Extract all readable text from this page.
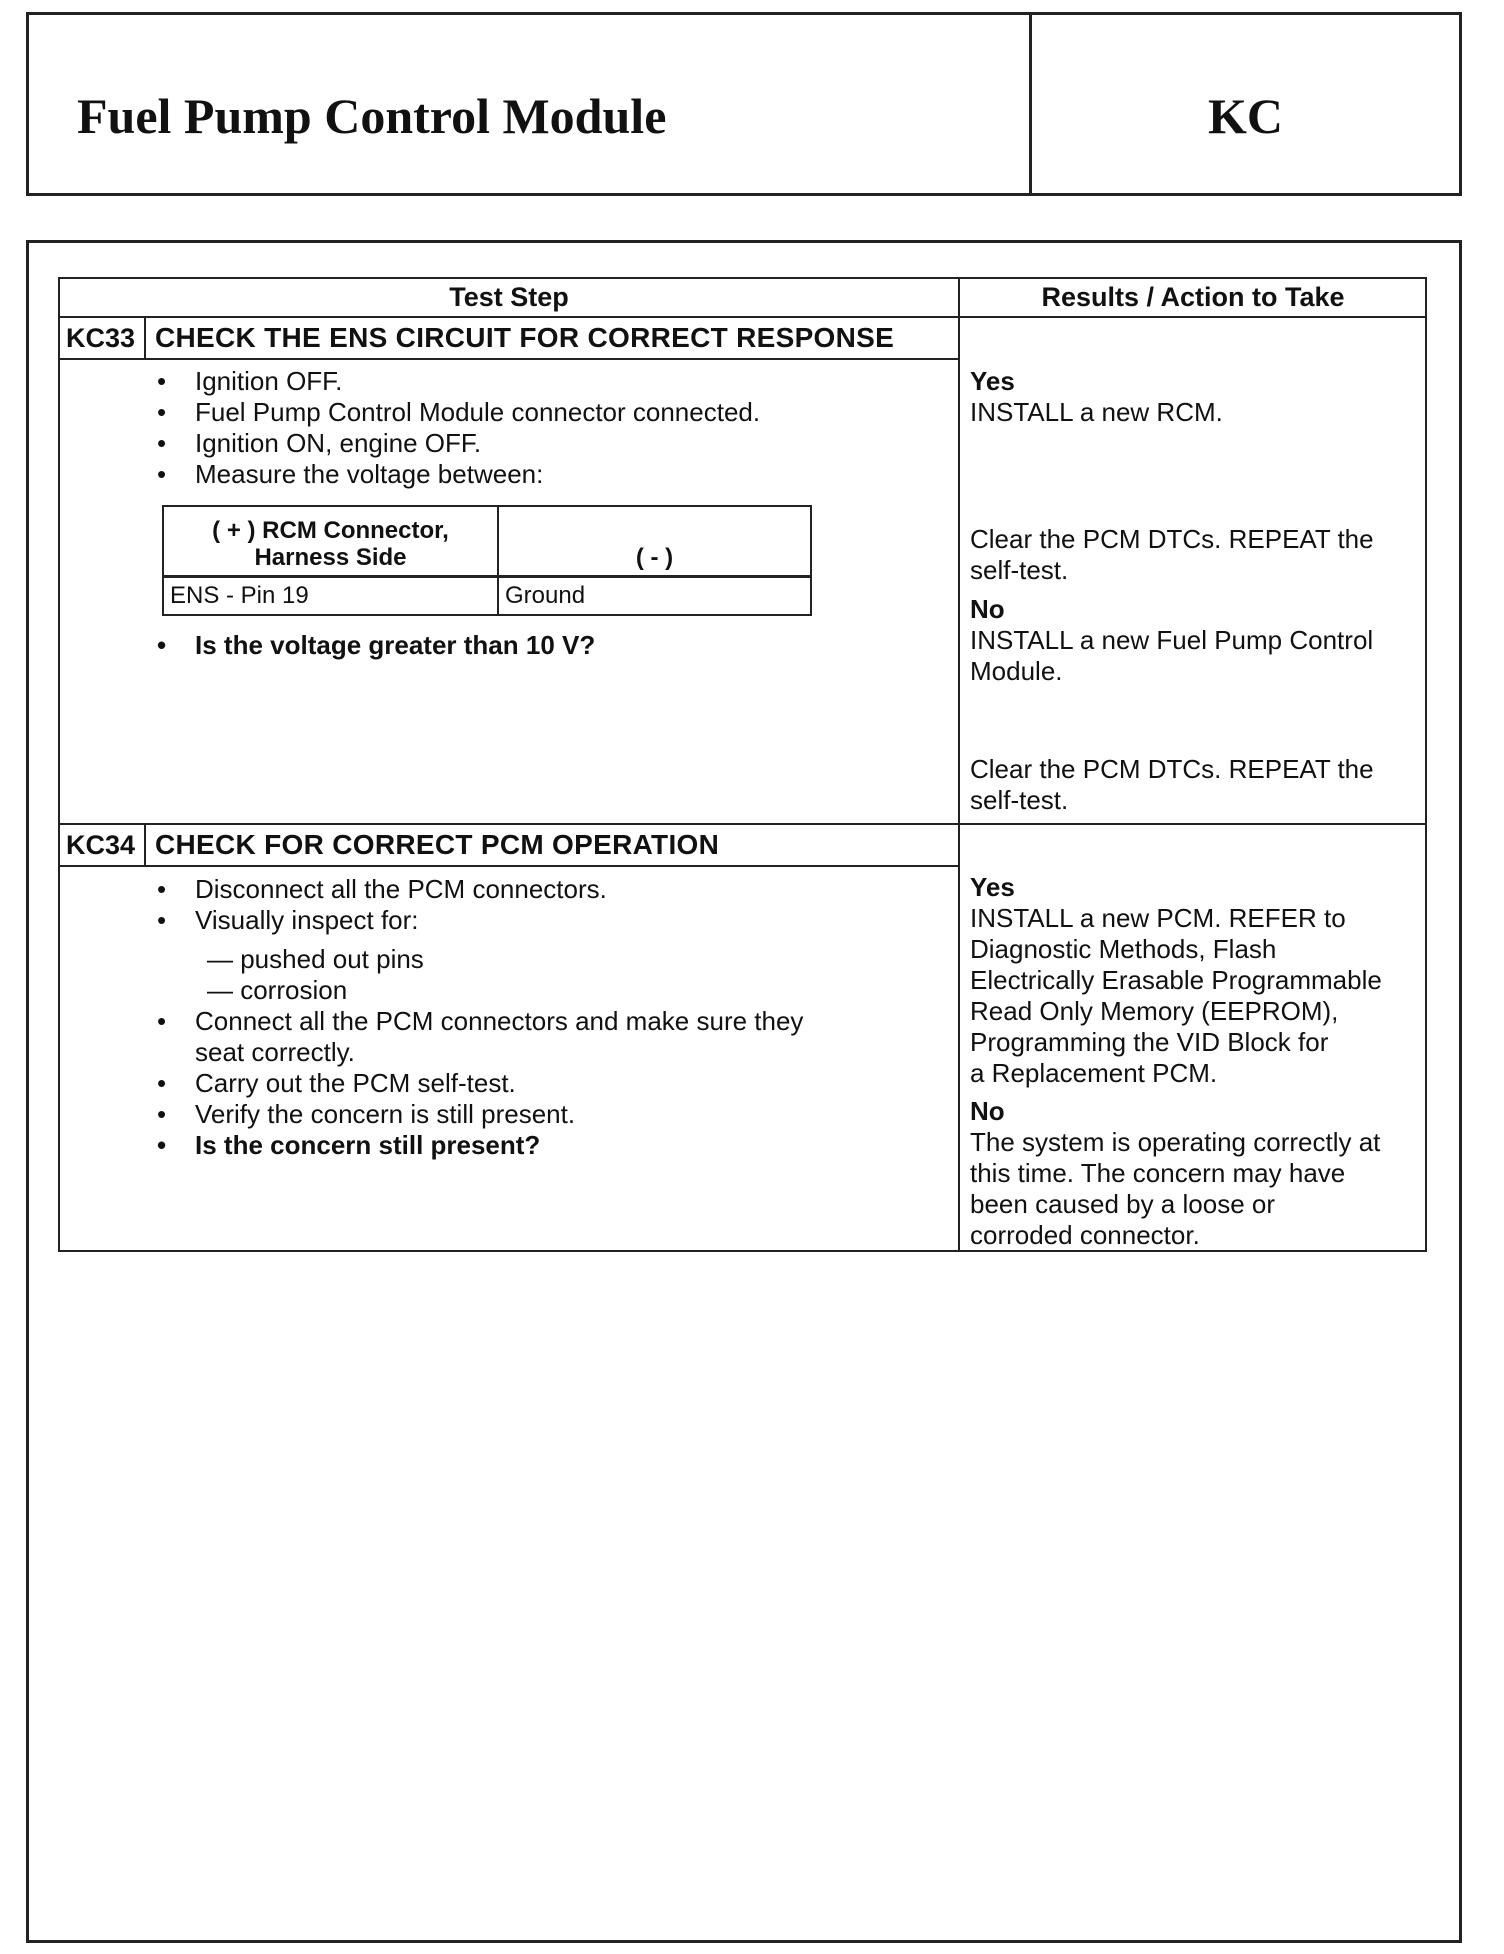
Fuel Pump Control Module	KC
Test Step	Results / Action to Take
KC33 CHECK THE ENS CIRCUIT FOR CORRECT RESPONSE
• Ignition OFF.
• Fuel Pump Control Module connector connected.
• Ignition ON, engine OFF.
• Measure the voltage between:
( + ) RCM Connector,
Harness Side	( - )
ENS - Pin 19	Ground
• Is the voltage greater than 10 V?
Yes
INSTALL a new RCM.
Clear the PCM DTCs. REPEAT the
self-test.
No
INSTALL a new Fuel Pump Control
Module.
Clear the PCM DTCs. REPEAT the
self-test.
KC34 CHECK FOR CORRECT PCM OPERATION
• Disconnect all the PCM connectors.
• Visually inspect for:
— pushed out pins
— corrosion
• Connect all the PCM connectors and make sure they
seat correctly.
• Carry out the PCM self-test.
• Verify the concern is still present.
• Is the concern still present?
Yes
INSTALL a new PCM. REFER to
Diagnostic Methods, Flash
Electrically Erasable Programmable
Read Only Memory (EEPROM),
Programming the VID Block for
a Replacement PCM.
No
The system is operating correctly at
this time. The concern may have
been caused by a loose or
corroded connector.
